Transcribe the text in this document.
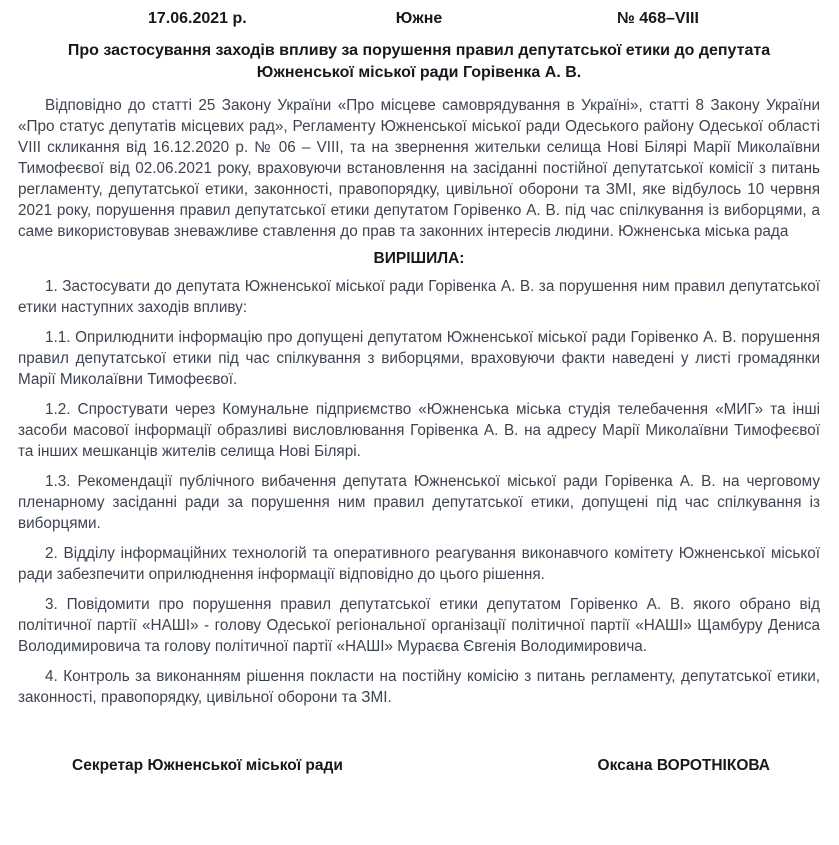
17.06.2021 р.	Южне	№ 468–VIII
Про застосування заходів впливу за порушення правил депутатської етики до депутата Южненської міської ради Горівенка А. В.

Відповідно до статті 25 Закону України «Про місцеве самоврядування в Україні», статті 8 Закону України «Про статус депутатів місцевих рад», Регламенту Южненської міської ради Одеського району Одеської області VIII скликання від 16.12.2020 р. № 06 – VIII, та на звернення жительки селища Нові Білярі Марії Миколаївни Тимофеєвої від 02.06.2021 року, враховуючи встановлення на засіданні постійної депутатської комісії з питань регламенту, депутатської етики, законності, правопорядку, цивільної оборони та ЗМІ, яке відбулось 10 червня 2021 року, порушення правил депутатської етики депутатом Горівенко А. В. під час спілкування із виборцями, а саме використовував зневажливе ставлення до прав та законних інтересів людини. Южненська міська рада

ВИРІШИЛА:

1. Застосувати до депутата Южненської міської ради Горівенка А. В. за порушення ним правил депутатської етики наступних заходів впливу:

1.1. Оприлюднити інформацію про допущені депутатом Южненської міської ради Горівенко А. В. порушення правил депутатської етики під час спілкування з виборцями, враховуючи факти наведені у листі громадянки Марії Миколаївни Тимофеєвої.

1.2. Спростувати через Комунальне підприємство «Южненська міська студія телебачення «МИГ» та інші засоби масової інформації образливі висловлювання Горівенка А. В. на адресу Марії Миколаївни Тимофеєвої та інших мешканців жителів селища Нові Білярі.

1.3. Рекомендації публічного вибачення депутата Южненської міської ради Горівенка А. В. на черговому пленарному засіданні ради за порушення ним правил депутатської етики, допущені під час спілкування із виборцями.

2. Відділу інформаційних технологій та оперативного реагування виконавчого комітету Южненської міської ради забезпечити оприлюднення інформації відповідно до цього рішення.

3. Повідомити про порушення правил депутатської етики депутатом Горівенко А. В. якого обрано від політичної партії «НАШІ» - голову Одеської регіональної організації політичної партії «НАШІ» Щамбуру Дениса Володимировича та голову політичної партії «НАШІ» Мураєва Євгенія Володимировича.

4. Контроль за виконанням рішення покласти на постійну комісію з питань регламенту, депутатської етики, законності, правопорядку, цивільної оборони та ЗМІ.

Секретар Южненської міської ради	Оксана ВОРОТНІКОВА
